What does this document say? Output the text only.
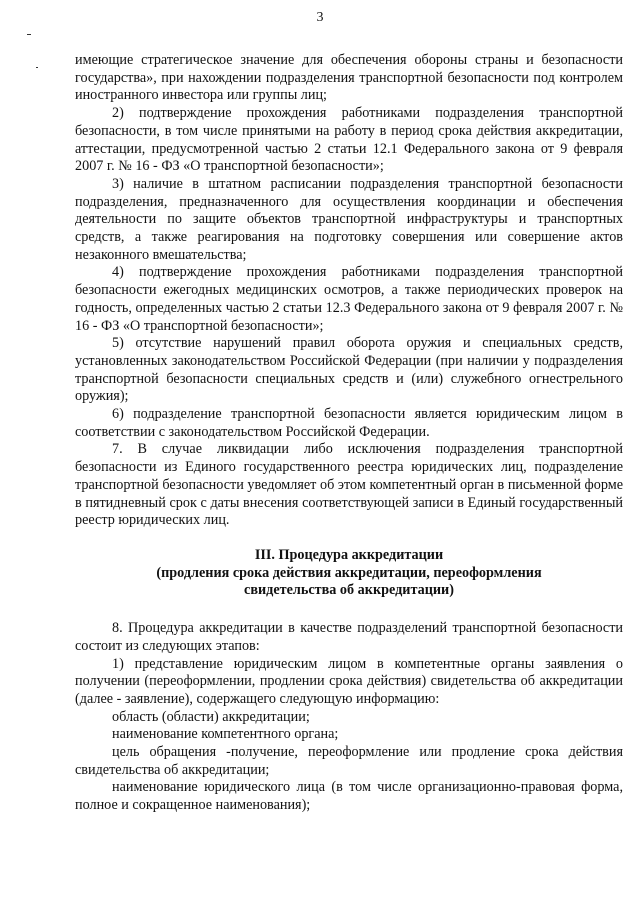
3

имеющие стратегическое значение для обеспечения обороны страны и безопасности государства», при нахождении подразделения транспортной безопасности под контролем иностранного инвестора или группы лиц;

2) подтверждение прохождения работниками подразделения транспортной безопасности, в том числе принятыми на работу в период срока действия аккредитации, аттестации, предусмотренной частью 2 статьи 12.1 Федерального закона от 9 февраля 2007 г. № 16 - ФЗ «О транспортной безопасности»;

3) наличие в штатном расписании подразделения транспортной безопасности подразделения, предназначенного для осуществления координации и обеспечения деятельности по защите объектов транспортной инфраструктуры и транспортных средств, а также реагирования на подготовку совершения или совершение актов незаконного вмешательства;

4) подтверждение прохождения работниками подразделения транспортной безопасности ежегодных медицинских осмотров, а также периодических проверок на годность, определенных частью 2 статьи 12.3 Федерального закона от 9 февраля 2007 г. № 16 - ФЗ «О транспортной безопасности»;

5) отсутствие нарушений правил оборота оружия и специальных средств, установленных законодательством Российской Федерации (при наличии у подразделения транспортной безопасности специальных средств и (или) служебного огнестрельного оружия);

6) подразделение транспортной безопасности является юридическим лицом в соответствии с законодательством Российской Федерации.

7. В случае ликвидации либо исключения подразделения транспортной безопасности из Единого государственного реестра юридических лиц, подразделение транспортной безопасности уведомляет об этом компетентный орган в письменной форме в пятидневный срок с даты внесения соответствующей записи в Единый государственный реестр юридических лиц.

III. Процедура аккредитации
(продления срока действия аккредитации, переоформления
свидетельства об аккредитации)

8. Процедура аккредитации в качестве подразделений транспортной безопасности состоит из следующих этапов:

1) представление юридическим лицом в компетентные органы заявления о получении (переоформлении, продлении срока действия) свидетельства об аккредитации (далее - заявление), содержащего следующую информацию:

область (области) аккредитации;

наименование компетентного органа;

цель обращения -получение, переоформление или продление срока действия свидетельства об аккредитации;

наименование юридического лица (в том числе организационно-правовая форма, полное и сокращенное наименования);
